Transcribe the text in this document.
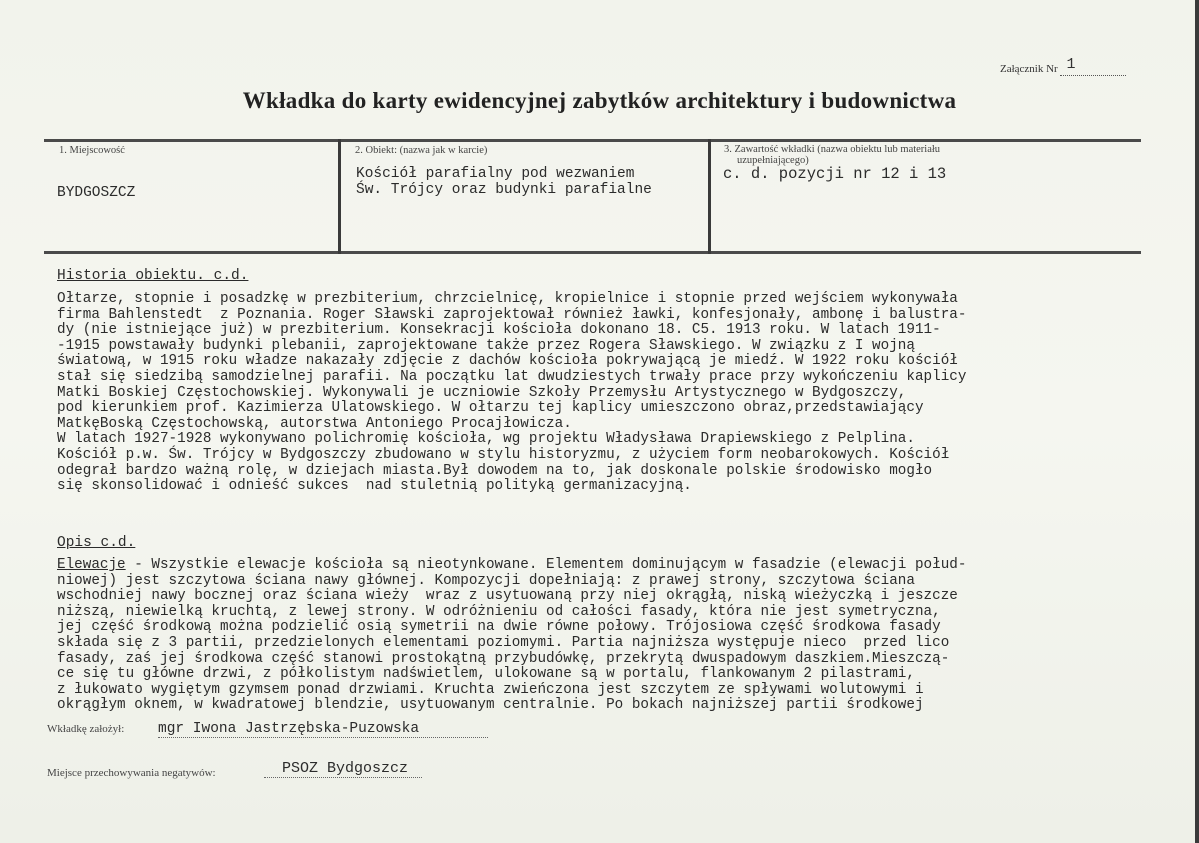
Załącznik Nr 1
Wkładka do karty ewidencyjnej zabytków architektury i budownictwa
1. Miejscowość
BYDGOSZCZ
2. Obiekt: (nazwa jak w karcie)
Kościół parafialny pod wezwaniem
Św. Trójcy oraz budynki parafialne
3. Zawartość wkładki (nazwa obiektu lub materiału
uzupełniającego)
c. d. pozycji nr 12 i 13
Historia obiektu. c.d.
Ołtarze, stopnie i posadzkę w prezbiterium, chrzcielnicę, kropielnice i stopnie przed wejściem wykonywała
firma Bahlenstedt  z Poznania. Roger Sławski zaprojektował również ławki, konfesjonały, ambonę i balustra-
dy (nie istniejące już) w prezbiterium. Konsekracji kościoła dokonano 18. C5. 1913 roku. W latach 1911-
-1915 powstawały budynki plebanii, zaprojektowane także przez Rogera Sławskiego. W związku z I wojną
światową, w 1915 roku władze nakazały zdjęcie z dachów kościoła pokrywającą je miedź. W 1922 roku kościół
stał się siedzibą samodzielnej parafii. Na początku lat dwudziestych trwały prace przy wykończeniu kaplicy
Matki Boskiej Częstochowskiej. Wykonywali je uczniowie Szkoły Przemysłu Artystycznego w Bydgoszczy,
pod kierunkiem prof. Kazimierza Ulatowskiego. W ołtarzu tej kaplicy umieszczono obraz,przedstawiający
MatkęBoską Częstochowską, autorstwa Antoniego Procajłowicza.
W latach 1927-1928 wykonywano polichromię kościoła, wg projektu Władysława Drapiewskiego z Pelplina.
Kościół p.w. Św. Trójcy w Bydgoszczy zbudowano w stylu historyzmu, z użyciem form neobarokowych. Kościół
odegrał bardzo ważną rolę, w dziejach miasta.Był dowodem na to, jak doskonale polskie środowisko mogło
się skonsolidować i odnieść sukces  nad stuletnią polityką germanizacyjną.
Opis c.d.
Elewacje - Wszystkie elewacje kościoła są nieotynkowane. Elementem dominującym w fasadzie (elewacji połud-
niowej) jest szczytowa ściana nawy głównej. Kompozycji dopełniają: z prawej strony, szczytowa ściana
wschodniej nawy bocznej oraz ściana wieży  wraz z usytuowaną przy niej okrągłą, niską wieżyczką i jeszcze
niższą, niewielką kruchtą, z lewej strony. W odróżnieniu od całości fasady, która nie jest symetryczna,
jej część środkową można podzielić osią symetrii na dwie równe połowy. Trójosiowa część środkowa fasady
składa się z 3 partii, przedzielonych elementami poziomymi. Partia najniższa występuje nieco  przed lico
fasady, zaś jej środkowa część stanowi prostokątną przybudówkę, przekrytą dwuspadowym daszkiem.Mieszczą-
ce się tu główne drzwi, z półkolistym nadświetlem, ulokowane są w portalu, flankowanym 2 pilastrami,
z łukowato wygiętym gzymsem ponad drzwiami. Kruchta zwieńczona jest szczytem ze spływami wolutowymi i
okrągłym oknem, w kwadratowej blendzie, usytuowanym centralnie. Po bokach najniższej partii środkowej
Wkładkę założył: mgr Iwona Jastrzębska-Puzowska
Miejsce przechowywania negatywów:	PSOZ Bydgoszcz
